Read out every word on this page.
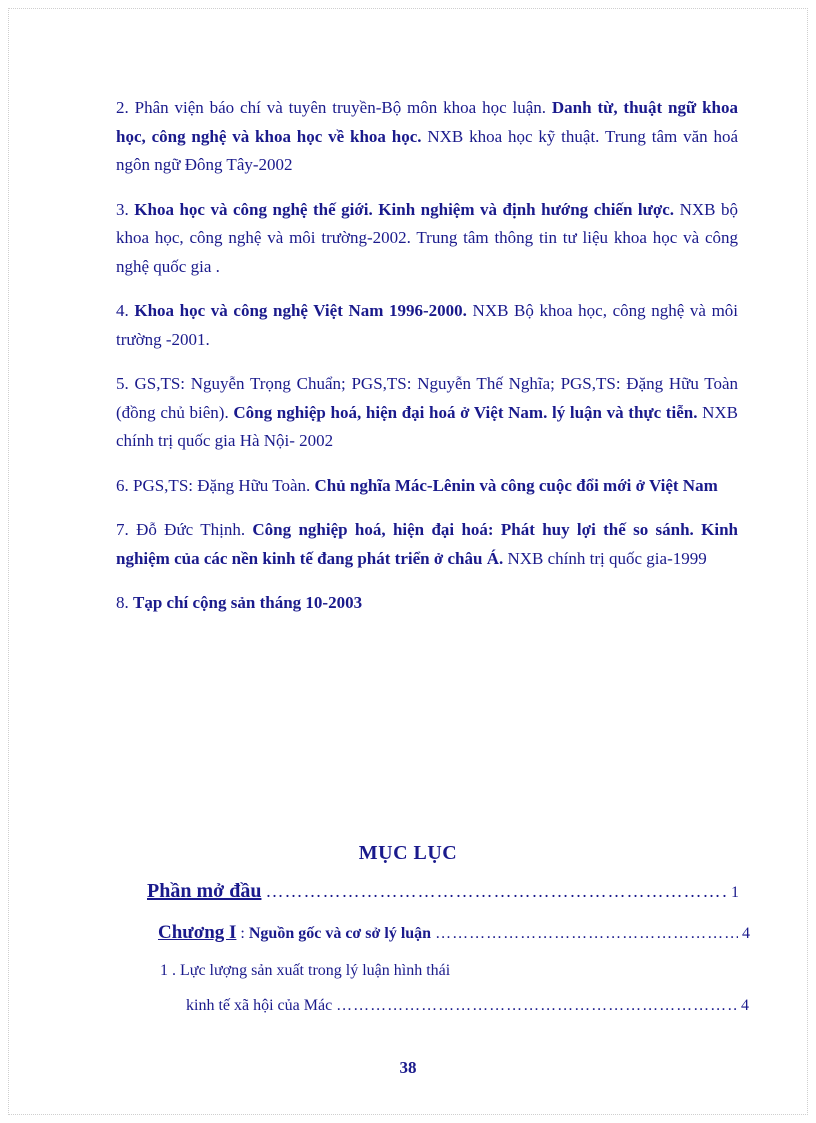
2. Phân viện báo chí và tuyên truyền-Bộ môn khoa học luận. Danh từ, thuật ngữ khoa học, công nghệ và khoa học về khoa học. NXB khoa học kỹ thuật. Trung tâm văn hoá ngôn ngữ Đông Tây-2002

3. Khoa học và công nghệ thế giới. Kinh nghiệm và định hướng chiến lược. NXB bộ khoa học, công nghệ và môi trường-2002. Trung tâm thông tin tư liệu khoa học và công nghệ quốc gia .

4. Khoa học và công nghệ Việt Nam 1996-2000. NXB Bộ khoa học, công nghệ và môi trường -2001.

5. GS,TS: Nguyễn Trọng Chuẩn; PGS,TS: Nguyễn Thế Nghĩa; PGS,TS: Đặng Hữu Toàn (đồng chủ biên). Công nghiệp hoá, hiện đại hoá ở Việt Nam. lý luận và thực tiễn. NXB chính trị quốc gia Hà Nội- 2002

6. PGS,TS: Đặng Hữu Toàn. Chủ nghĩa Mác-Lênin và công cuộc đổi mới ở Việt Nam

7. Đỗ Đức Thịnh. Công nghiệp hoá, hiện đại hoá: Phát huy lợi thế so sánh. Kinh nghiệm của các nền kinh tế đang phát triển ở châu Á. NXB chính trị quốc gia-1999

8. Tạp chí cộng sản tháng 10-2003

MỤC LỤC
Phần mở đầu ……………………………………………………………………………………………………………	1
Chương I : Nguồn gốc và cơ sở lý luận ……………………………………………………………………………………………………………	4
1 . Lực lượng sản xuất trong lý luận hình thái
kinh tế xã hội của Mác ……………………………………………………………………………………………………………	4
38
